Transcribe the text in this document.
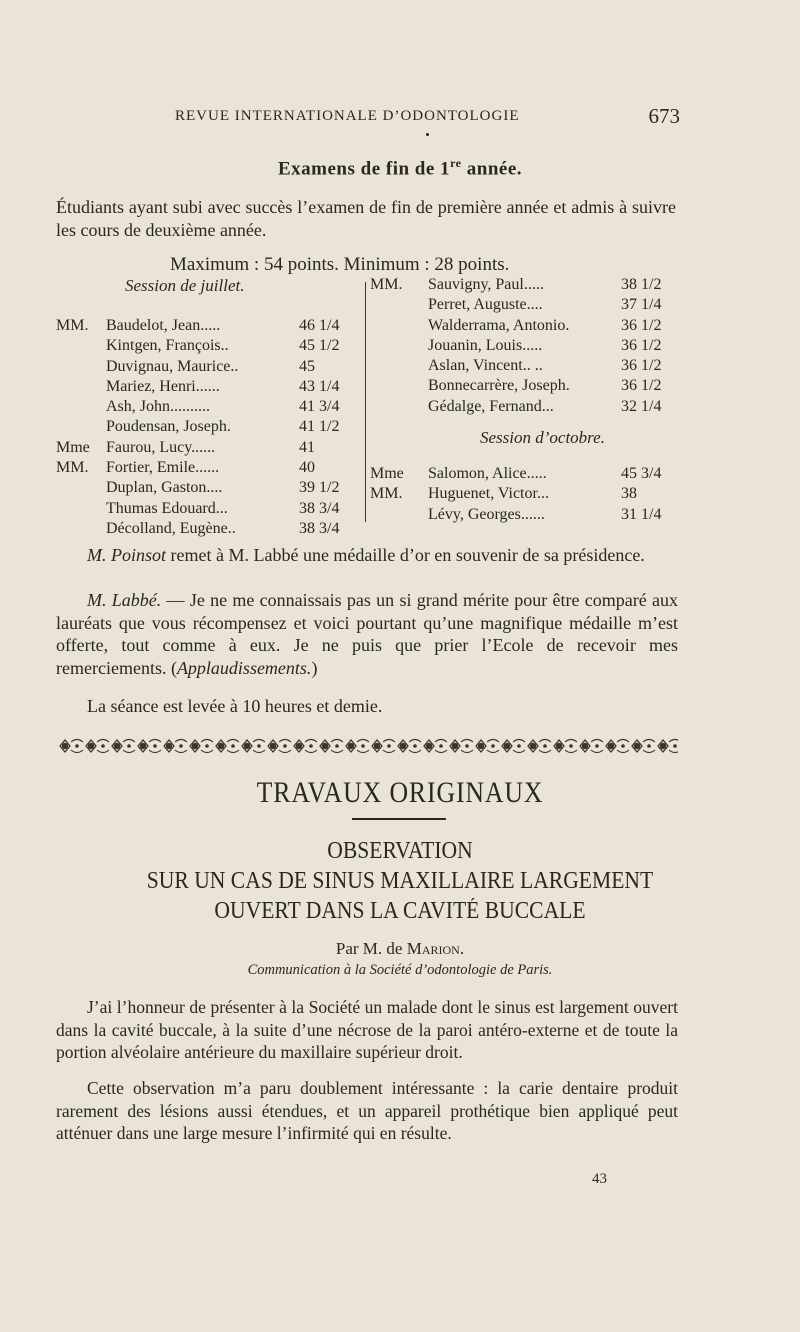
REVUE INTERNATIONALE D’ODONTOLOGIE	673
Examens de fin de 1re année.
Étudiants ayant subi avec succès l’examen de fin de première année et admis à suivre les cours de deuxième année.
Maximum : 54 points. Minimum : 28 points.
Session de juillet.
MM. Baudelot, Jean.....	46 1/4
Kintgen, François..	45 1/2
Duvignau, Maurice..	45
Mariez, Henri......	43 1/4
Ash, John..........	41 3/4
Poudensan, Joseph.	41 1/2
Mme Faurou, Lucy......	41
MM. Fortier, Emile......	40
Duplan, Gaston....	39 1/2
Thumas Edouard...	38 3/4
Décolland, Eugène..	38 3/4
MM. Sauvigny, Paul.....	38 1/2
Perret, Auguste....	37 1/4
Walderrama, Antonio.	36 1/2
Jouanin, Louis.....	36 1/2
Aslan, Vincent.. ..	36 1/2
Bonnecarrère, Joseph.	36 1/2
Gédalge, Fernand...	32 1/4
Session d’octobre.
Mme Salomon, Alice.....	45 3/4
MM. Huguenet, Victor...	38
Lévy, Georges......	31 1/4
M. Poinsot remet à M. Labbé une médaille d’or en souvenir de sa présidence.
M. Labbé. — Je ne me connaissais pas un si grand mérite pour être comparé aux lauréats que vous récompensez et voici pourtant qu’une magnifique médaille m’est offerte, tout comme à eux. Je ne puis que prier l’Ecole de recevoir mes remerciements. (Applaudissements.)
La séance est levée à 10 heures et demie.
TRAVAUX ORIGINAUX
OBSERVATION
SUR UN CAS DE SINUS MAXILLAIRE LARGEMENT
OUVERT DANS LA CAVITÉ BUCCALE
Par M. de Marion.
Communication à la Société d’odontologie de Paris.
J’ai l’honneur de présenter à la Société un malade dont le sinus est largement ouvert dans la cavité buccale, à la suite d’une nécrose de la paroi antéro-externe et de toute la portion alvéolaire antérieure du maxillaire supérieur droit.
Cette observation m’a paru doublement intéressante : la carie dentaire produit rarement des lésions aussi étendues, et un appareil prothétique bien appliqué peut atténuer dans une large mesure l’infirmité qui en résulte.
43
